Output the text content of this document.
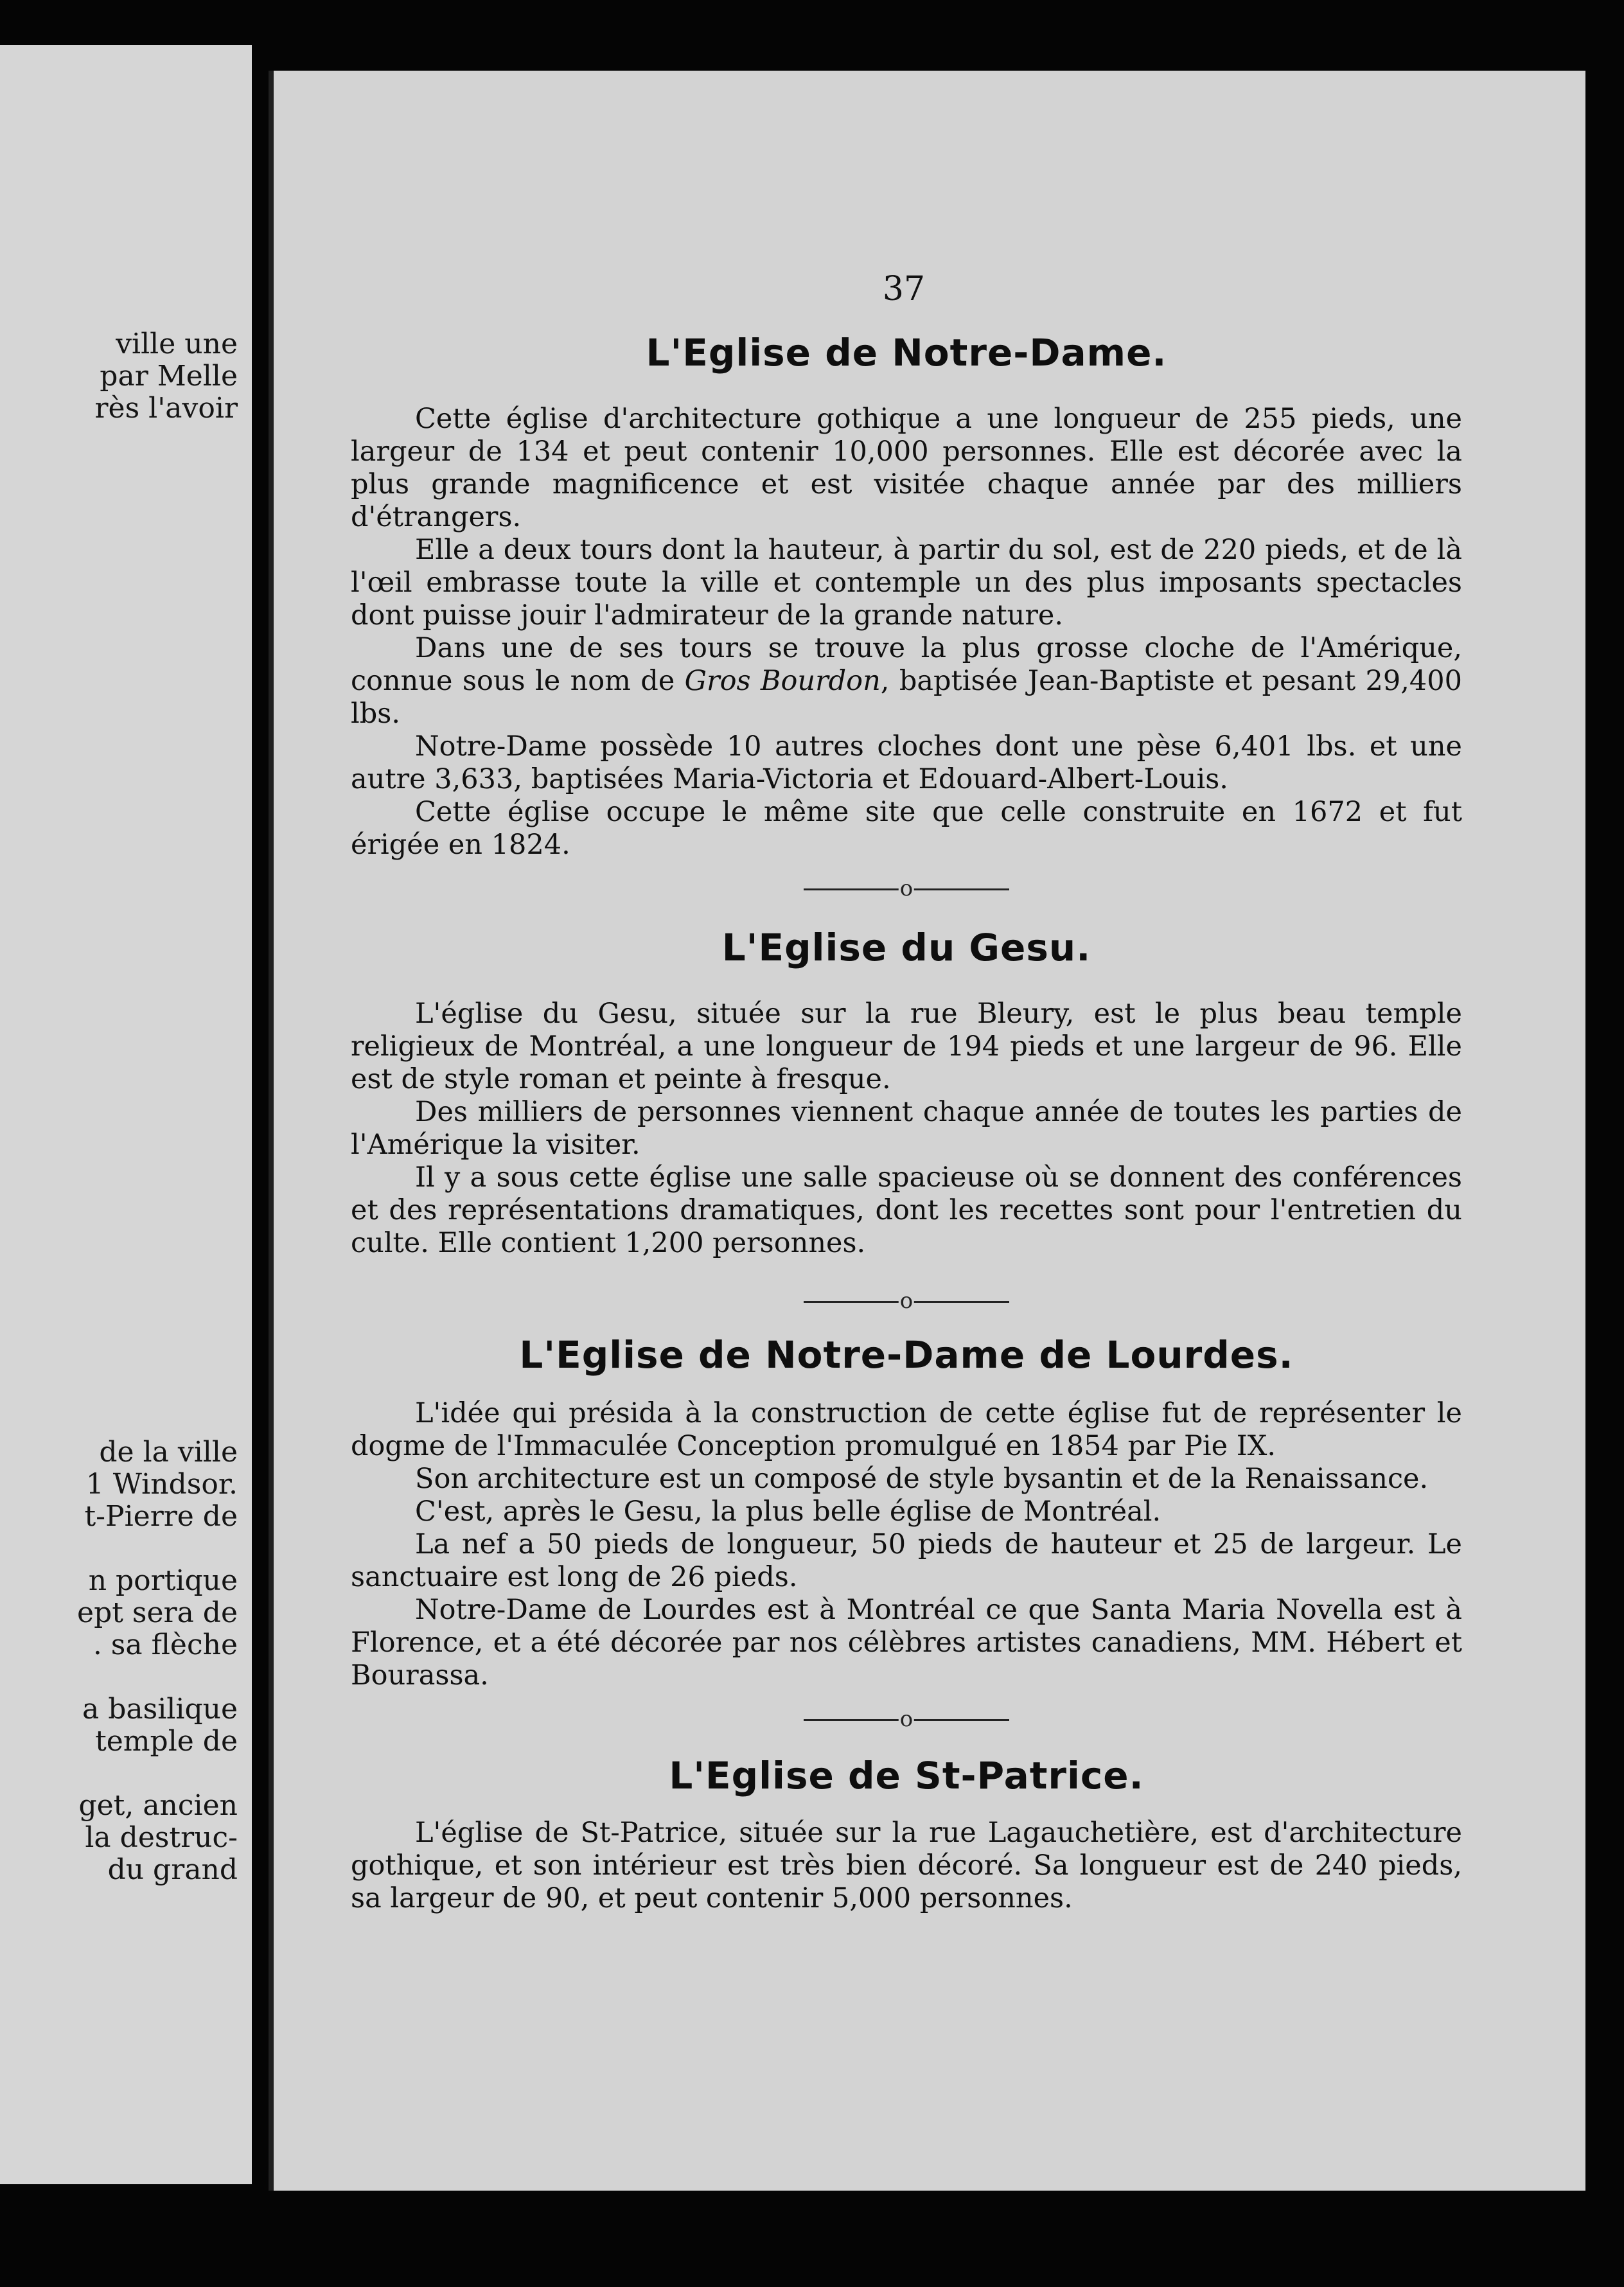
ville une
par Melle
rès l'avoir
de la ville
1 Windsor.
t-Pierre de
n portique
ept sera de
. sa flèche
a basilique
temple de
get, ancien
la destruc-
du grand
37
L'Eglise de Notre-Dame.

Cette église d'architecture gothique a une longueur de 255 pieds, une largeur de 134 et peut contenir 10,000 personnes. Elle est décorée avec la plus grande magnificence et est visitée chaque année par des milliers d'étrangers.

Elle a deux tours dont la hauteur, à partir du sol, est de 220 pieds, et de là l'œil embrasse toute la ville et contemple un des plus imposants spectacles dont puisse jouir l'admirateur de la grande nature.

Dans une de ses tours se trouve la plus grosse cloche de l'Amérique, connue sous le nom de Gros Bourdon, baptisée Jean-Baptiste et pesant 29,400 lbs.

Notre-Dame possède 10 autres cloches dont une pèse 6,401 lbs. et une autre 3,633, baptisées Maria-Victoria et Edouard-Albert-Louis.

Cette église occupe le même site que celle construite en 1672 et fut érigée en 1824.

o
L'Eglise du Gesu.

L'église du Gesu, située sur la rue Bleury, est le plus beau temple religieux de Montréal, a une longueur de 194 pieds et une largeur de 96. Elle est de style roman et peinte à fresque.

Des milliers de personnes viennent chaque année de toutes les parties de l'Amérique la visiter.

Il y a sous cette église une salle spacieuse où se donnent des conférences et des représentations dramatiques, dont les recettes sont pour l'entretien du culte. Elle contient 1,200 personnes.

o
L'Eglise de Notre-Dame de Lourdes.

L'idée qui présida à la construction de cette église fut de représenter le dogme de l'Immaculée Conception promulgué en 1854 par Pie IX.

Son architecture est un composé de style bysantin et de la Renaissance.

C'est, après le Gesu, la plus belle église de Montréal.

La nef a 50 pieds de longueur, 50 pieds de hauteur et 25 de largeur. Le sanctuaire est long de 26 pieds.

Notre-Dame de Lourdes est à Montréal ce que Santa Maria Novella est à Florence, et a été décorée par nos célèbres artistes canadiens, MM. Hébert et Bourassa.

o
L'Eglise de St-Patrice.

L'église de St-Patrice, située sur la rue Lagauchetière, est d'architecture gothique, et son intérieur est très bien décoré. Sa longueur est de 240 pieds, sa largeur de 90, et peut contenir 5,000 personnes.
